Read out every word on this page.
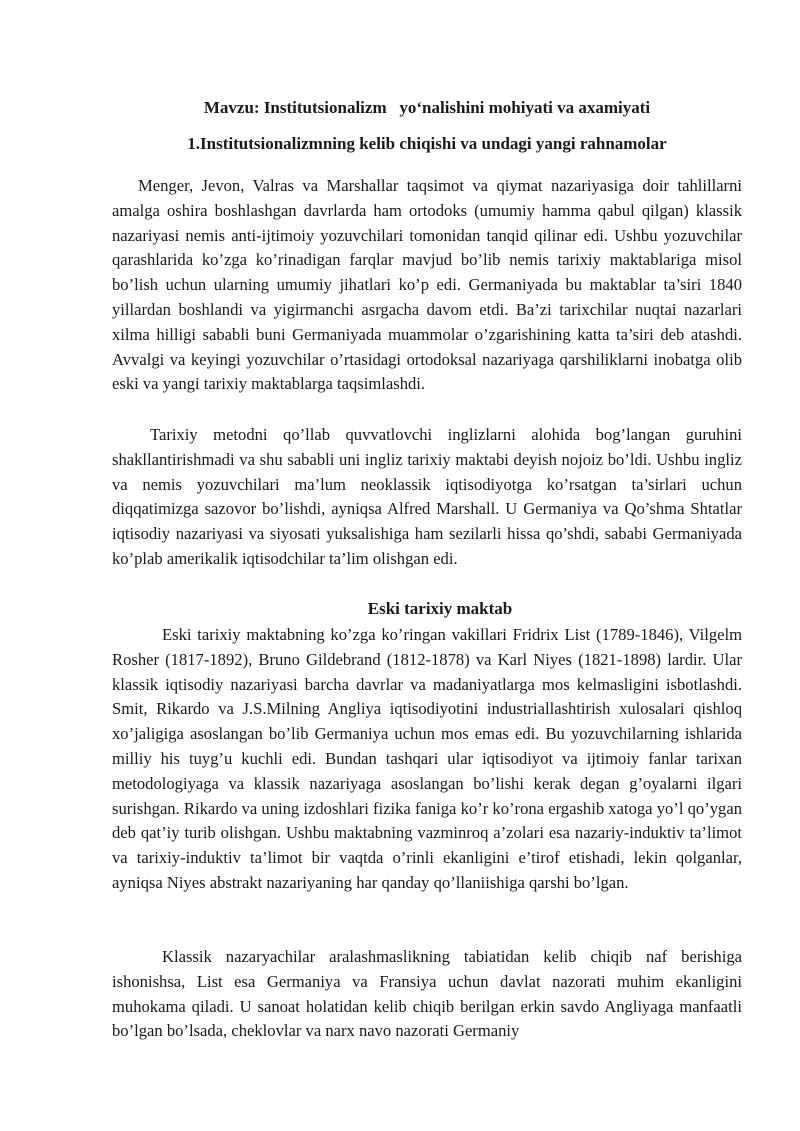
Mavzu: Institutsionalizm   yo‘nalishini mohiyati va axamiyati
1.Institutsionalizmning kelib chiqishi va undagi yangi rahnamolar

Menger, Jevon, Valras va Marshallar taqsimot va qiymat nazariyasiga doir tahlillarni amalga oshira boshlashgan davrlarda ham ortodoks (umumiy hamma qabul qilgan) klassik nazariyasi nemis anti-ijtimoiy yozuvchilari tomonidan tanqid qilinar edi. Ushbu yozuvchilar qarashlarida ko’zga ko’rinadigan farqlar mavjud bo’lib nemis tarixiy maktablariga misol bo’lish uchun ularning umumiy jihatlari ko’p edi. Germaniyada bu maktablar ta’siri 1840 yillardan boshlandi va yigirmanchi asrgacha davom etdi. Ba’zi tarixchilar nuqtai nazarlari xilma hilligi sababli buni Germaniyada muammolar o’zgarishining katta ta’siri deb atashdi. Avvalgi va keyingi yozuvchilar o’rtasidagi ortodoksal nazariyaga qarshiliklarni inobatga olib eski va yangi tarixiy maktablarga taqsimlashdi.

Tarixiy metodni qo’llab quvvatlovchi inglizlarni alohida bog’langan guruhini shakllantirishmadi va shu sababli uni ingliz tarixiy maktabi deyish nojoiz bo’ldi. Ushbu ingliz va nemis yozuvchilari ma’lum neoklassik iqtisodiyotga ko’rsatgan ta’sirlari uchun diqqatimizga sazovor bo’lishdi, ayniqsa Alfred Marshall. U Germaniya va Qo’shma Shtatlar iqtisodiy nazariyasi va siyosati yuksalishiga ham sezilarli hissa qo’shdi, sababi Germaniyada ko’plab amerikalik iqtisodchilar ta’lim olishgan edi.

Eski tarixiy maktab

Eski tarixiy maktabning ko’zga ko’ringan vakillari Fridrix List (1789-1846), Vilgelm Rosher (1817-1892), Bruno Gildebrand (1812-1878) va Karl Niyes (1821-1898) lardir. Ular klassik iqtisodiy nazariyasi barcha davrlar va madaniyatlarga mos kelmasligini isbotlashdi. Smit, Rikardo va J.S.Milning Angliya iqtisodiyotini industriallashtirish xulosalari qishloq xo’jaligiga asoslangan bo’lib Germaniya uchun mos emas edi. Bu yozuvchilarning ishlarida milliy his tuyg’u kuchli edi. Bundan tashqari ular iqtisodiyot va ijtimoiy fanlar tarixan metodologiyaga va klassik nazariyaga asoslangan bo’lishi kerak degan g’oyalarni ilgari surishgan. Rikardo va uning izdoshlari fizika faniga ko’r ko’rona ergashib xatoga yo’l qo’ygan deb qat’iy turib olishgan. Ushbu maktabning vazminroq a’zolari esa nazariy-induktiv ta’limot va tarixiy-induktiv ta’limot bir vaqtda o’rinli ekanligini e’tirof etishadi, lekin qolganlar, ayniqsa Niyes abstrakt nazariyaning har qanday qo’llaniishiga qarshi bo’lgan.

Klassik nazaryachilar aralashmaslikning tabiatidan kelib chiqib naf berishiga ishonishsa, List esa Germaniya va Fransiya uchun davlat nazorati muhim ekanligini muhokama qiladi. U sanoat holatidan kelib chiqib berilgan erkin savdo Angliyaga manfaatli bo’lgan bo’lsada, cheklovlar va narx navo nazorati Germaniy
